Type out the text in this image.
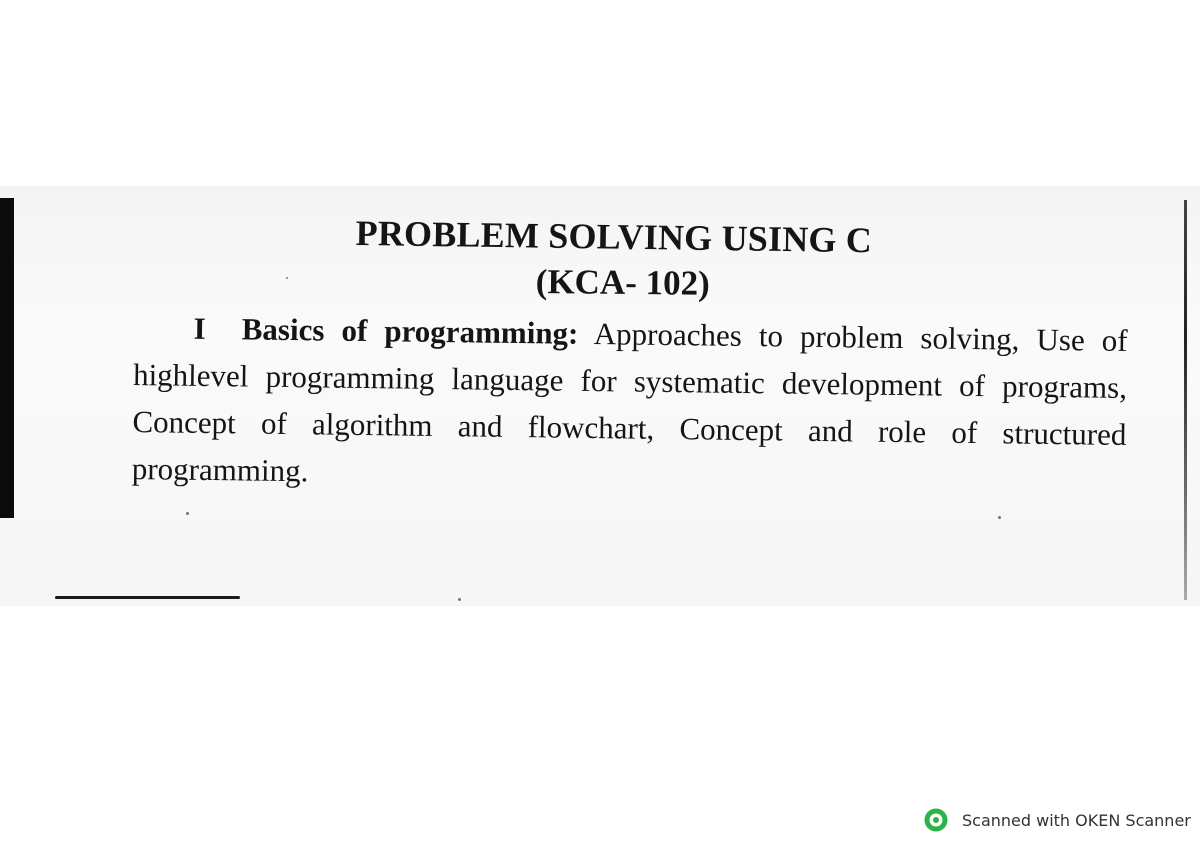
PROBLEM SOLVING USING C
(KCA- 102)
I Basics of programming: Approaches to problem solving, Use of highlevel programming language for systematic development of programs, Concept of algorithm and flowchart, Concept and role of structured programming.
Scanned with OKEN Scanner
